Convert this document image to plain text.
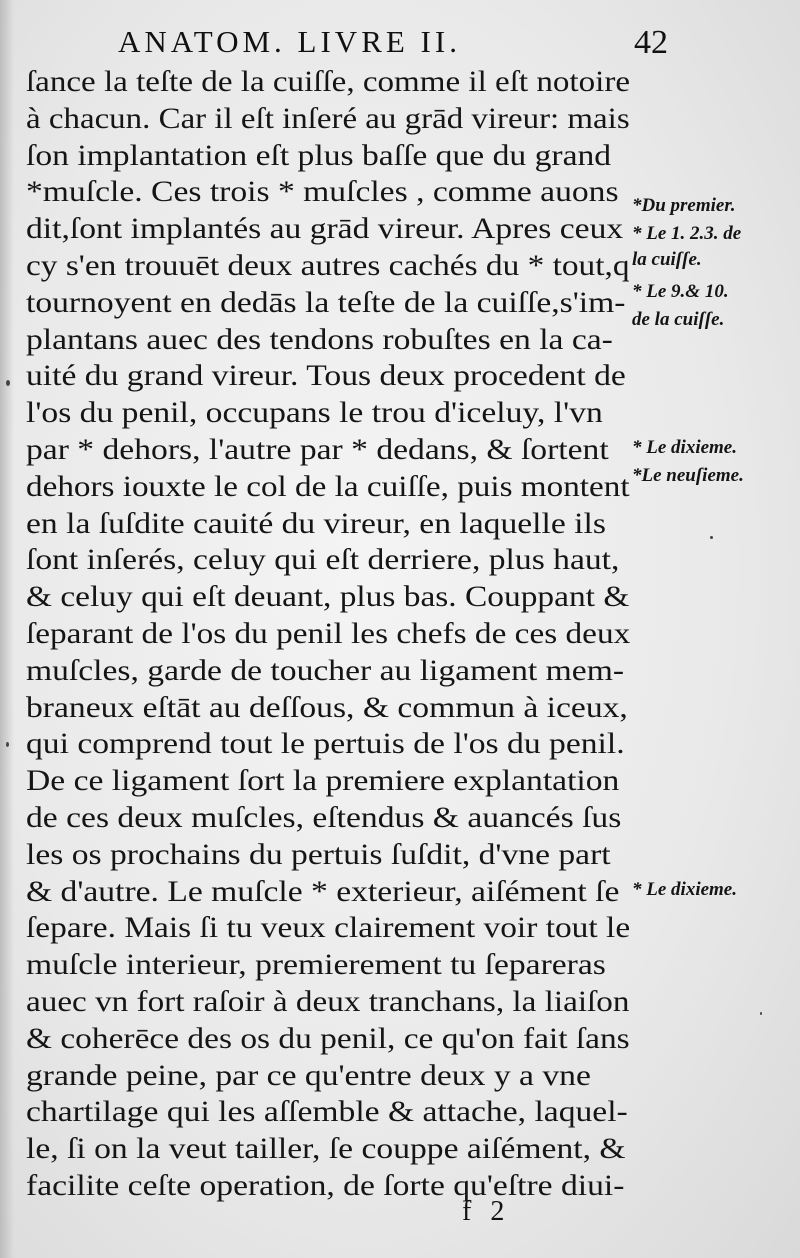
ANATOM. LIVRE II.	42
ſance la teſte de la cuiſſe, comme il eſt notoire
à chacun. Car il eſt inſeré au grād vireur: mais
ſon implantation eſt plus baſſe que du grand
*muſcle. Ces trois * muſcles , comme auons
dit,ſont implantés au grād vireur. Apres ceux
cy s'en trouuēt deux autres cachés du * tout,q
tournoyent en dedās la teſte de la cuiſſe,s'im-
plantans auec des tendons robuſtes en la ca-
uité du grand vireur. Tous deux procedent de
l'os du penil, occupans le trou d'iceluy, l'vn
par * dehors, l'autre par * dedans, & ſortent
dehors iouxte le col de la cuiſſe, puis montent
en la ſuſdite cauité du vireur, en laquelle ils
ſont inſerés, celuy qui eſt derriere, plus haut,
& celuy qui eſt deuant, plus bas. Couppant &
ſeparant de l'os du penil les chefs de ces deux
muſcles, garde de toucher au ligament mem-
braneux eſtāt au deſſous, & commun à iceux,
qui comprend tout le pertuis de l'os du penil.
De ce ligament ſort la premiere explantation
de ces deux muſcles, eſtendus & auancés ſus
les os prochains du pertuis ſuſdit, d'vne part
& d'autre. Le muſcle * exterieur, aiſément ſe
ſepare. Mais ſi tu veux clairement voir tout le
muſcle interieur, premierement tu ſepareras
auec vn fort raſoir à deux tranchans, la liaiſon
& coherēce des os du penil, ce qu'on fait ſans
grande peine, par ce qu'entre deux y a vne
chartilage qui les aſſemble & attache, laquel-
le, ſi on la veut tailler, ſe couppe aiſément, &
facilite ceſte operation, de ſorte qu'eſtre diui-
*Du premier.
* Le 1. 2.3. de
la cuiſſe.
* Le 9.& 10.
de la cuiſſe.
* Le dixieme.
*Le neuſieme.
* Le dixieme.
f 2
